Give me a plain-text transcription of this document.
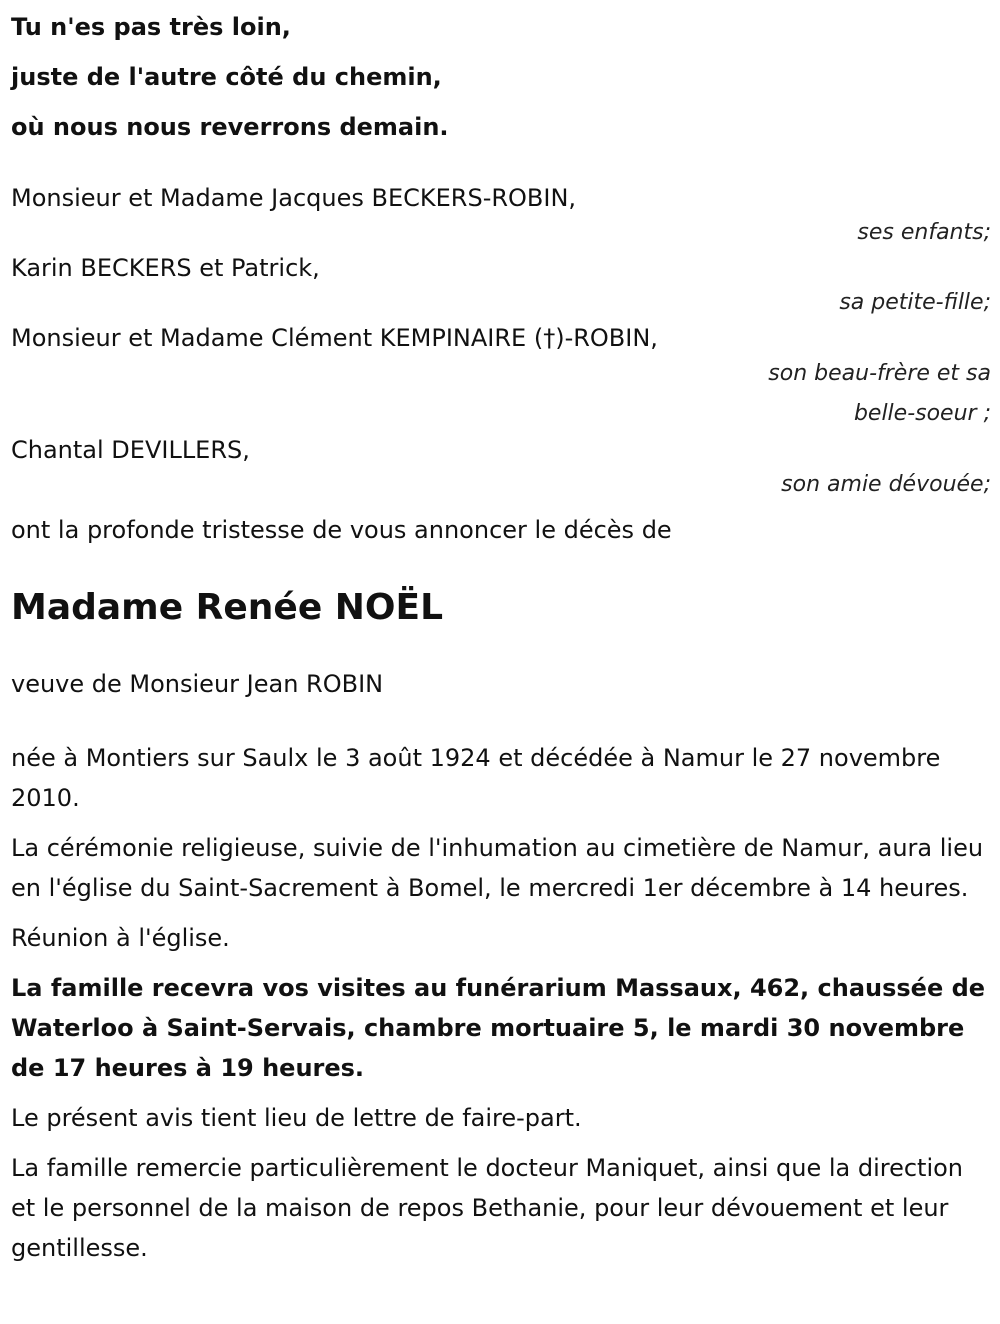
Tu n'es pas très loin,
juste de l'autre côté du chemin,
où nous nous reverrons demain.
Monsieur et Madame Jacques BECKERS-ROBIN,
ses enfants;
Karin BECKERS et Patrick,
sa petite-fille;
Monsieur et Madame Clément KEMPINAIRE (†)-ROBIN,
son beau-frère et sa belle-soeur ;
Chantal DEVILLERS,
son amie dévouée;
ont la profonde tristesse de vous annoncer le décès de
Madame Renée NOËL
veuve de Monsieur Jean ROBIN

née à Montiers sur Saulx le 3 août 1924 et décédée à Namur le 27 novembre 2010.

La cérémonie religieuse, suivie de l'inhumation au cimetière de Namur, aura lieu en l'église du Saint-Sacrement à Bomel, le mercredi 1er décembre à 14 heures.

Réunion à l'église.

La famille recevra vos visites au funérarium Massaux, 462, chaussée de Waterloo à Saint-Servais, chambre mortuaire 5, le mardi 30 novembre de 17 heures à 19 heures.

Le présent avis tient lieu de lettre de faire-part.

La famille remercie particulièrement le docteur Maniquet, ainsi que la direction et le personnel de la maison de repos Bethanie, pour leur dévouement et leur gentillesse.
